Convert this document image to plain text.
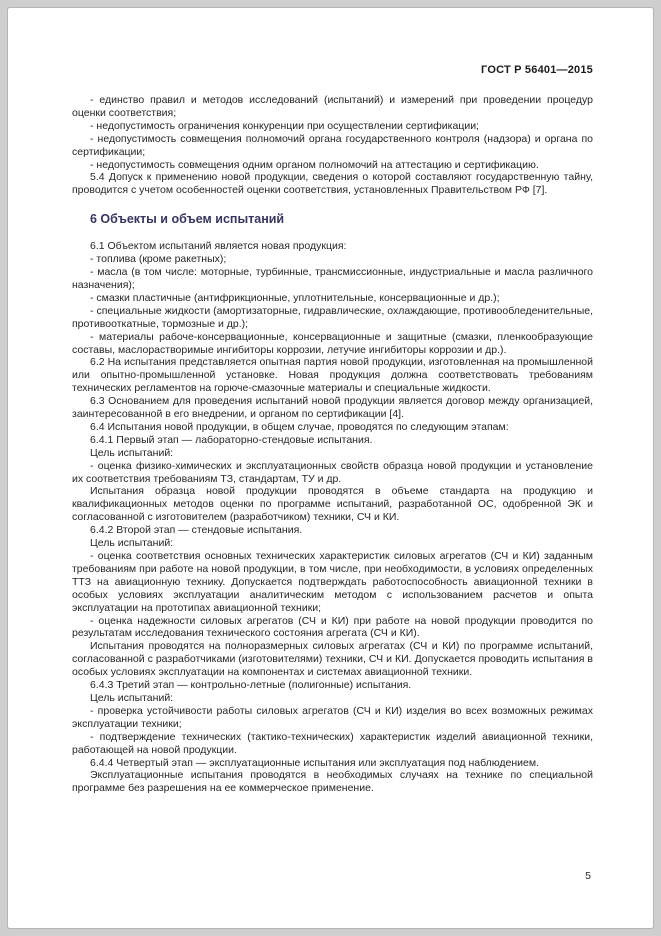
ГОСТ Р 56401—2015

- единство правил и методов исследований (испытаний) и измерений при проведении процедур оценки соответствия;

- недопустимость ограничения конкуренции при осуществлении сертификации;

- недопустимость совмещения полномочий органа государственного контроля (надзора) и органа по сертификации;

- недопустимость совмещения одним органом полномочий на аттестацию и сертификацию.

5.4 Допуск к применению новой продукции, сведения о которой составляют государственную тайну, проводится с учетом особенностей оценки соответствия, установленных Правительством РФ [7].

6 Объекты и объем испытаний

6.1 Объектом испытаний является новая продукция:

- топлива (кроме ракетных);

- масла (в том числе: моторные, турбинные, трансмиссионные, индустриальные и масла различного назначения);

- смазки пластичные (антифрикционные, уплотнительные, консервационные и др.);

- специальные жидкости (амортизаторные, гидравлические, охлаждающие, противообледенительные, противооткатные, тормозные и др.);

- материалы рабоче-консервационные, консервационные и защитные (смазки, пленкообразующие составы, маслорастворимые ингибиторы коррозии, летучие ингибиторы коррозии и др.).

6.2 На испытания представляется опытная партия новой продукции, изготовленная на промышленной или опытно-промышленной установке. Новая продукция должна соответствовать требованиям технических регламентов на горюче-смазочные материалы и специальные жидкости.

6.3 Основанием для проведения испытаний новой продукции является договор между организацией, заинтересованной в его внедрении, и органом по сертификации [4].

6.4 Испытания новой продукции, в общем случае, проводятся по следующим этапам:

6.4.1 Первый этап — лабораторно-стендовые испытания.

Цель испытаний:

- оценка физико-химических и эксплуатационных свойств образца новой продукции и установление их соответствия требованиям ТЗ, стандартам, ТУ и др.

Испытания образца новой продукции проводятся в объеме стандарта на продукцию и квалификационных методов оценки по программе испытаний, разработанной ОС, одобренной ЭК и согласованной с изготовителем (разработчиком) техники, СЧ и КИ.

6.4.2 Второй этап — стендовые испытания.

Цель испытаний:

- оценка соответствия основных технических характеристик силовых агрегатов (СЧ и КИ) заданным требованиям при работе на новой продукции, в том числе, при необходимости, в условиях определенных ТТЗ на авиационную технику. Допускается подтверждать работоспособность авиационной техники в особых условиях эксплуатации аналитическим методом с использованием расчетов и опыта эксплуатации на прототипах авиационной техники;

- оценка надежности силовых агрегатов (СЧ и КИ) при работе на новой продукции проводится по результатам исследования технического состояния агрегата (СЧ и КИ).

Испытания проводятся на полноразмерных силовых агрегатах (СЧ и КИ) по программе испытаний, согласованной с разработчиками (изготовителями) техники, СЧ и КИ. Допускается проводить испытания в особых условиях эксплуатации на компонентах и системах авиационной техники.

6.4.3 Третий этап — контрольно-летные (полигонные) испытания.

Цель испытаний:

- проверка устойчивости работы силовых агрегатов (СЧ и КИ) изделия во всех возможных режимах эксплуатации техники;

- подтверждение технических (тактико-технических) характеристик изделий авиационной техники, работающей на новой продукции.

6.4.4 Четвертый этап — эксплуатационные испытания или эксплуатация под наблюдением.

Эксплуатационные испытания проводятся в необходимых случаях на технике по специальной программе без разрешения на ее коммерческое применение.

5
